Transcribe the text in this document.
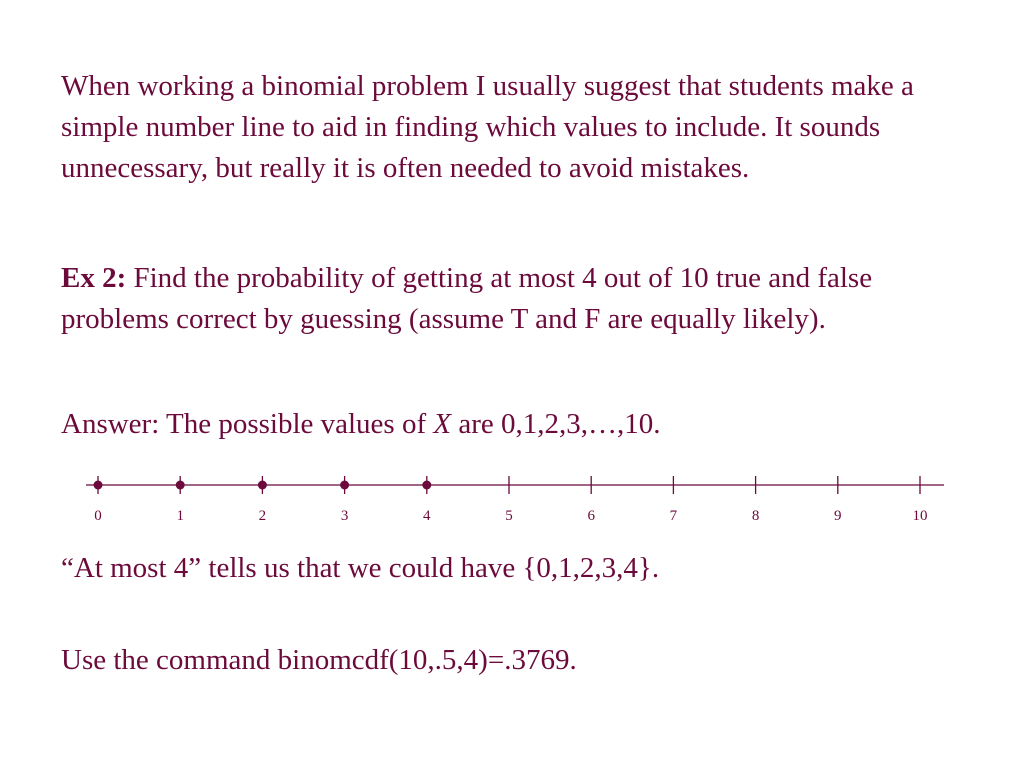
When working a binomial problem I usually suggest that students make a simple number line to aid in finding which values to include. It sounds unnecessary, but really it is often needed to avoid mistakes.

Ex 2: Find the probability of getting at most 4 out of 10 true and false problems correct by guessing (assume T and F are equally likely).

Answer: The possible values of X are 0,1,2,3,…,10.

0	1	2	3	4	5	6	7	8	9	10

“At most 4” tells us that we could have {0,1,2,3,4}.

Use the command binomcdf(10,.5,4)=.3769.
